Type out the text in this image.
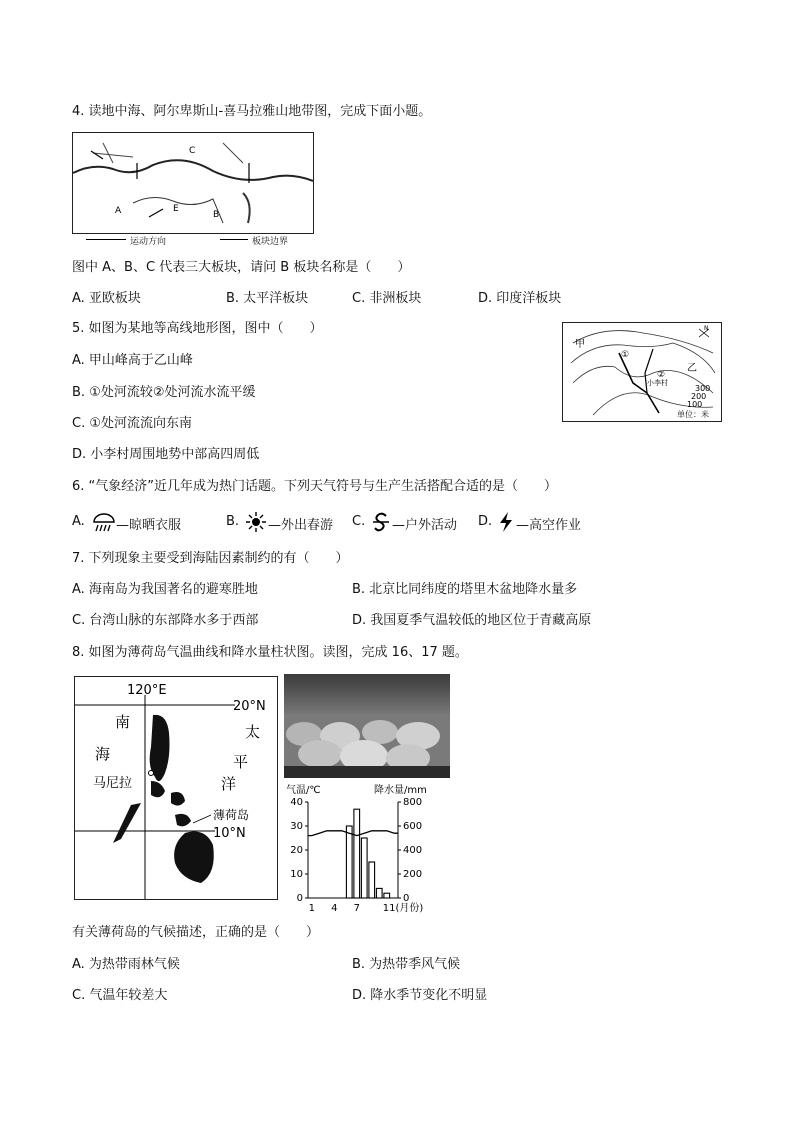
4. 读地中海、阿尔卑斯山-喜马拉雅山地带图，完成下面小题。
A	B
C
E
运动方向	板块边界
图中 A、B、C 代表三大板块，请问 B 板块名称是（　　）
A. 亚欧板块	B. 太平洋板块	C. 非洲板块	D. 印度洋板块
5. 如图为某地等高线地形图，图中（　　）
A. 甲山峰高于乙山峰
B. ①处河流较②处河流水流平缓
C. ①处河流流向东南
D. 小李村周围地势中部高四周低
N
甲
乙
①
②
小李村
300
200
100
单位：米
6. “气象经济”近几年成为热门话题。下列天气符号与生产生活搭配合适的是（　　）
A. —晾晒衣服	B. —外出春游 C. —户外活动 D. —高空作业
7. 下列现象主要受到海陆因素制约的有（　　）
A. 海南岛为我国著名的避寒胜地	B. 北京比同纬度的塔里木盆地降水量多
C. 台湾山脉的东部降水多于西部	D. 我国夏季气温较低的地区位于青藏高原
8. 如图为薄荷岛气温曲线和降水量柱状图。读图，完成 16、17 题。
120°E
20°N
10°N
南
海
太
平
洋
马尼拉
薄荷岛
气温/℃	降水量/mm
40
30
20
10
0
800
600
400
200
0
1 4 7 11(月份)
有关薄荷岛的气候描述，正确的是（　　）
A. 为热带雨林气候	B. 为热带季风气候
C. 气温年较差大	D. 降水季节变化不明显
